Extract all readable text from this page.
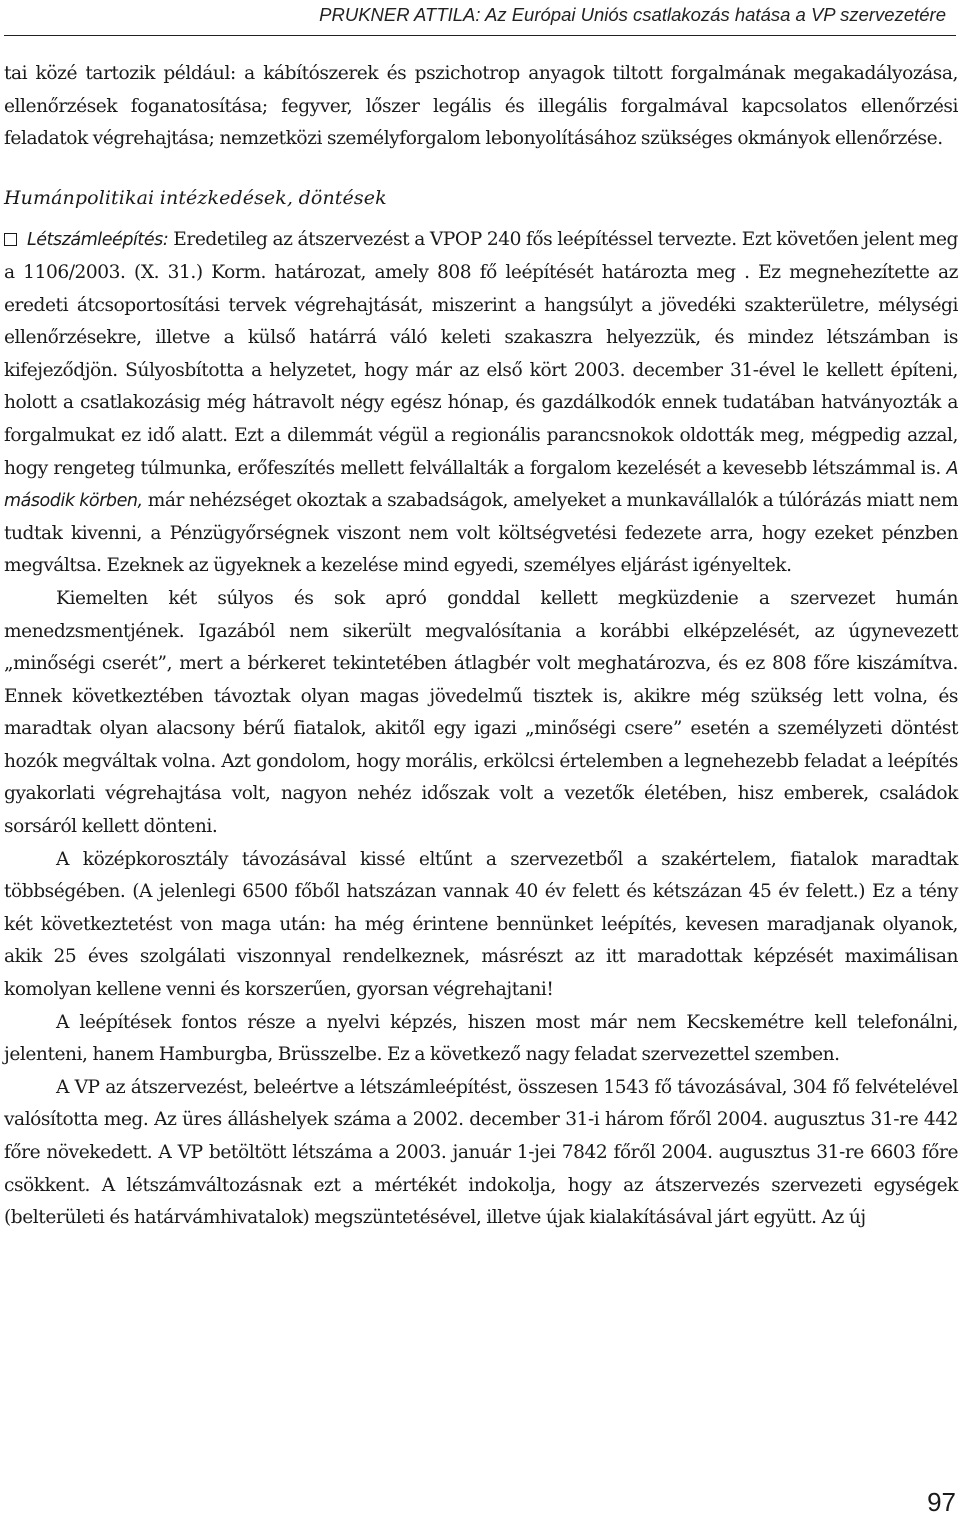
PRUKNER ATTILA: Az Európai Uniós csatlakozás hatása a VP szervezetére

tai közé tartozik például: a kábítószerek és pszichotrop anyagok tiltott forgalmának megakadályozása, ellenőrzések foganatosítása; fegyver, lőszer legális és illegális forgalmával kapcsolatos ellenőrzési feladatok végrehajtása; nemzetközi személyforgalom lebonyolításához szükséges okmányok ellenőrzése.

Humánpolitikai intézkedések, döntések

Létszámleépítés: Eredetileg az átszervezést a VPOP 240 fős leépítéssel tervezte. Ezt követően jelent meg a 1106/2003. (X. 31.) Korm. határozat, amely 808 fő leépítését határozta meg . Ez megnehezítette az eredeti átcsoportosítási tervek végrehajtását, miszerint a hangsúlyt a jövedéki szakterületre, mélységi ellenőrzésekre, illetve a külső határrá váló keleti szakaszra helyezzük, és mindez létszámban is kifejeződjön. Súlyosbította a helyzetet, hogy már az első kört 2003. december 31-ével le kellett építeni, holott a csatlakozásig még hátravolt négy egész hónap, és gazdálkodók ennek tudatában hatványozták a forgalmukat ez idő alatt. Ezt a dilemmát végül a regionális parancsnokok oldották meg, mégpedig azzal, hogy rengeteg túlmunka, erőfeszítés mellett felvállalták a forgalom kezelését a kevesebb létszámmal is. A második körben, már nehézséget okoztak a szabadságok, amelyeket a munkavállalók a túlórázás miatt nem tudtak kivenni, a Pénzügyőrségnek viszont nem volt költségvetési fedezete arra, hogy ezeket pénzben megváltsa. Ezeknek az ügyeknek a kezelése mind egyedi, személyes eljárást igényeltek.

Kiemelten két súlyos és sok apró gonddal kellett megküzdenie a szervezet humán menedzsmentjének. Igazából nem sikerült megvalósítania a korábbi elképzelését, az úgynevezett „minőségi cserét”, mert a bérkeret tekintetében átlagbér volt meghatározva, és ez 808 főre kiszámítva. Ennek következtében távoztak olyan magas jövedelmű tisztek is, akikre még szükség lett volna, és maradtak olyan alacsony bérű fiatalok, akitől egy igazi „minőségi csere” esetén a személyzeti döntést hozók megváltak volna. Azt gondolom, hogy morális, erkölcsi értelemben a legnehezebb feladat a leépítés gyakorlati végrehajtása volt, nagyon nehéz időszak volt a vezetők életében, hisz emberek, családok sorsáról kellett dönteni.

A középkorosztály távozásával kissé eltűnt a szervezetből a szakértelem, fiatalok maradtak többségében. (A jelenlegi 6500 főből hatszázan vannak 40 év felett és kétszázan 45 év felett.) Ez a tény két következtetést von maga után: ha még érintene bennünket leépítés, kevesen maradjanak olyanok, akik 25 éves szolgálati viszonnyal rendelkeznek, másrészt az itt maradottak képzését maximálisan komolyan kellene venni és korszerűen, gyorsan végrehajtani!

A leépítések fontos része a nyelvi képzés, hiszen most már nem Kecskemétre kell telefonálni, jelenteni, hanem Hamburgba, Brüsszelbe. Ez a következő nagy feladat szervezettel szemben.

A VP az átszervezést, beleértve a létszámleépítést, összesen 1543 fő távozásával, 304 fő felvételével valósította meg. Az üres álláshelyek száma a 2002. december 31-i három főről 2004. augusztus 31-re 442 főre növekedett. A VP betöltött létszáma a 2003. január 1-jei 7842 főről 2004. augusztus 31-re 6603 főre csökkent. A létszámváltozásnak ezt a mértékét indokolja, hogy az átszervezés szervezeti egységek (belterületi és határvámhivatalok) megszüntetésével, illetve újak kialakításával járt együtt. Az új

97
